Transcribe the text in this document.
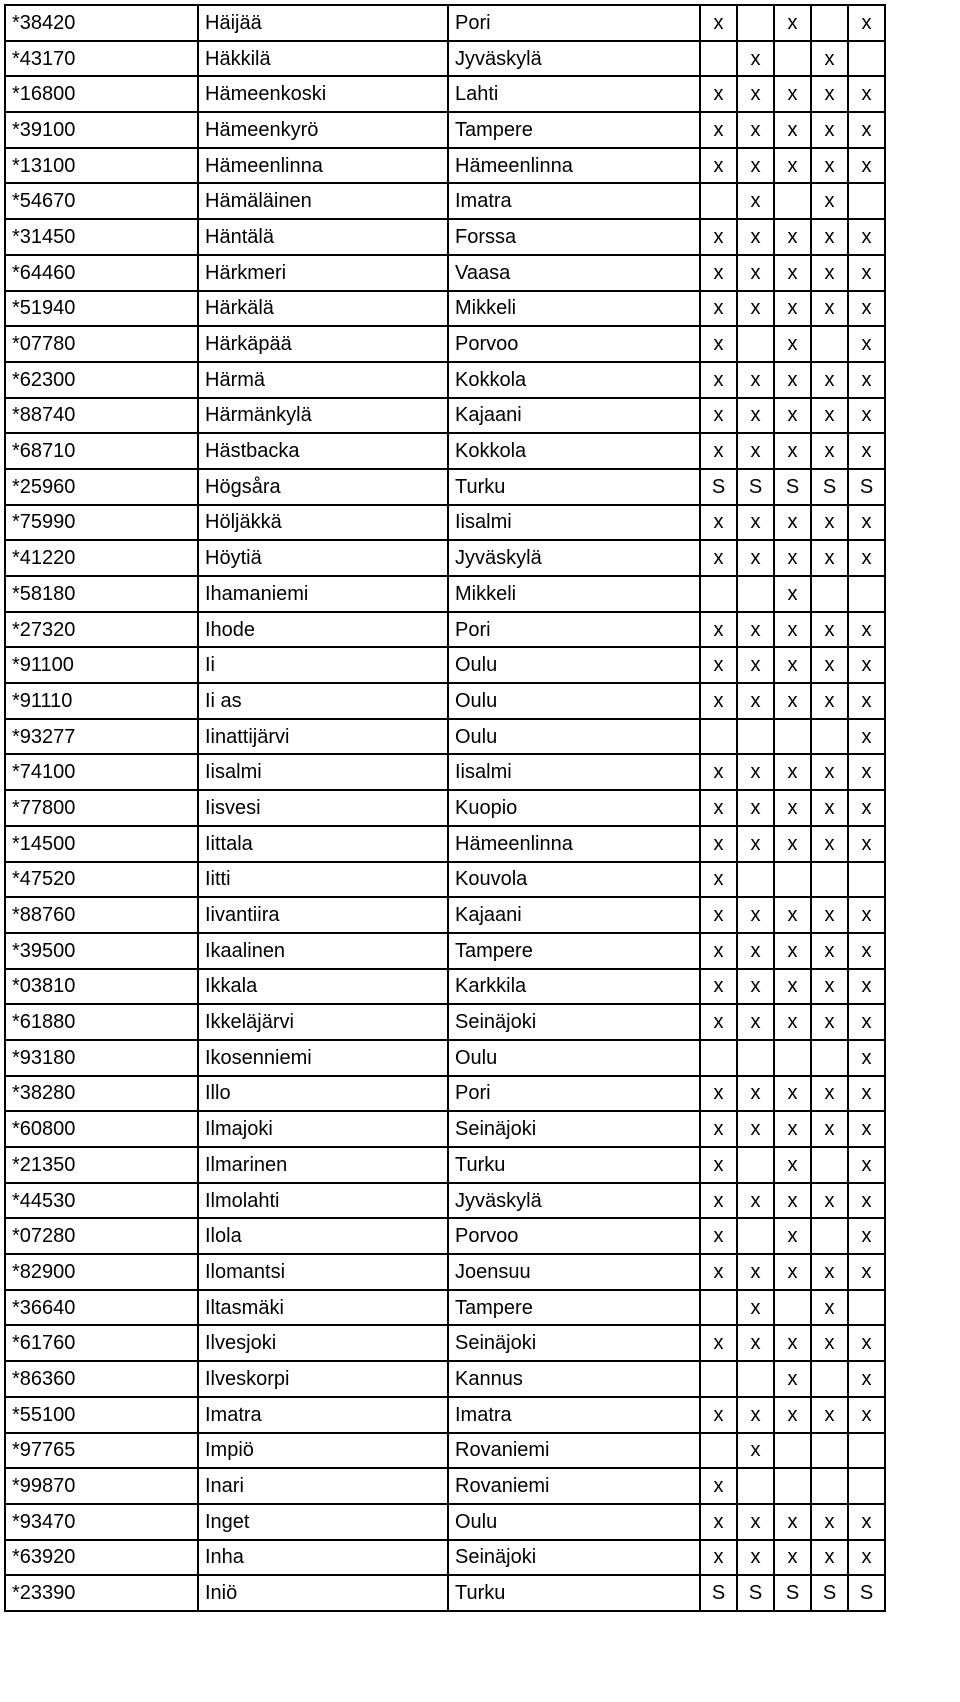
*38420	Häijää	Pori	x		x		x
*43170	Häkkilä	Jyväskylä		x		x	
*16800	Hämeenkoski	Lahti	x	x	x	x	x
*39100	Hämeenkyrö	Tampere	x	x	x	x	x
*13100	Hämeenlinna	Hämeenlinna	x	x	x	x	x
*54670	Hämäläinen	Imatra		x		x	
*31450	Häntälä	Forssa	x	x	x	x	x
*64460	Härkmeri	Vaasa	x	x	x	x	x
*51940	Härkälä	Mikkeli	x	x	x	x	x
*07780	Härkäpää	Porvoo	x		x		x
*62300	Härmä	Kokkola	x	x	x	x	x
*88740	Härmänkylä	Kajaani	x	x	x	x	x
*68710	Hästbacka	Kokkola	x	x	x	x	x
*25960	Högsåra	Turku	S	S	S	S	S
*75990	Höljäkkä	Iisalmi	x	x	x	x	x
*41220	Höytiä	Jyväskylä	x	x	x	x	x
*58180	Ihamaniemi	Mikkeli			x		
*27320	Ihode	Pori	x	x	x	x	x
*91100	Ii	Oulu	x	x	x	x	x
*91110	Ii as	Oulu	x	x	x	x	x
*93277	Iinattijärvi	Oulu					x
*74100	Iisalmi	Iisalmi	x	x	x	x	x
*77800	Iisvesi	Kuopio	x	x	x	x	x
*14500	Iittala	Hämeenlinna	x	x	x	x	x
*47520	Iitti	Kouvola	x				
*88760	Iivantiira	Kajaani	x	x	x	x	x
*39500	Ikaalinen	Tampere	x	x	x	x	x
*03810	Ikkala	Karkkila	x	x	x	x	x
*61880	Ikkeläjärvi	Seinäjoki	x	x	x	x	x
*93180	Ikosenniemi	Oulu					x
*38280	Illo	Pori	x	x	x	x	x
*60800	Ilmajoki	Seinäjoki	x	x	x	x	x
*21350	Ilmarinen	Turku	x		x		x
*44530	Ilmolahti	Jyväskylä	x	x	x	x	x
*07280	Ilola	Porvoo	x		x		x
*82900	Ilomantsi	Joensuu	x	x	x	x	x
*36640	Iltasmäki	Tampere		x		x	
*61760	Ilvesjoki	Seinäjoki	x	x	x	x	x
*86360	Ilveskorpi	Kannus			x		x
*55100	Imatra	Imatra	x	x	x	x	x
*97765	Impiö	Rovaniemi		x			
*99870	Inari	Rovaniemi	x				
*93470	Inget	Oulu	x	x	x	x	x
*63920	Inha	Seinäjoki	x	x	x	x	x
*23390	Iniö	Turku	S	S	S	S	S
